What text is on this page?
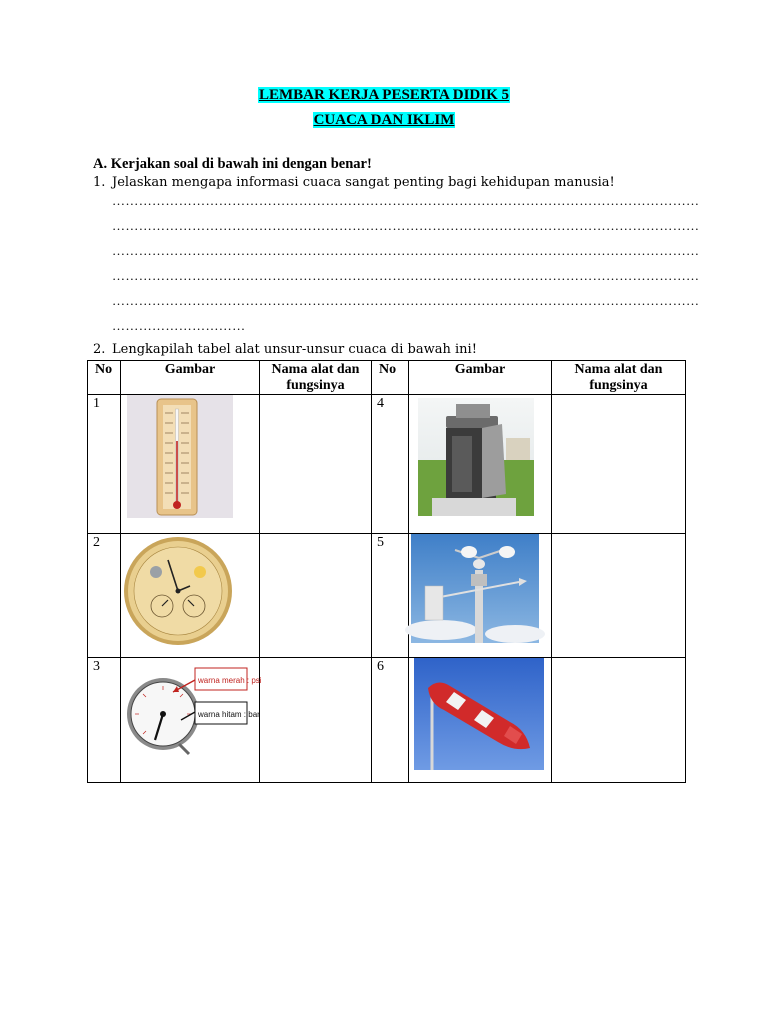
LEMBAR KERJA PESERTA DIDIK 5
CUACA DAN IKLIM
A. Kerjakan soal di bawah ini dengan benar!
1. Jelaskan mengapa informasi cuaca sangat penting bagi kehidupan manusia!
……………………………………………………………………………………………………………………
……………………………………………………………………………………………………………………
……………………………………………………………………………………………………………………
……………………………………………………………………………………………………………………
……………………………………………………………………………………………………………………
…………………………
2. Lengkapilah tabel alat unsur-unsur cuaca di bawah ini!
No	Gambar	Nama alat dan
fungsinya	No	Gambar	Nama alat dan
fungsinya
1			4	

2			5	

3	warna merah : psi
warna hitam : bar		6	
